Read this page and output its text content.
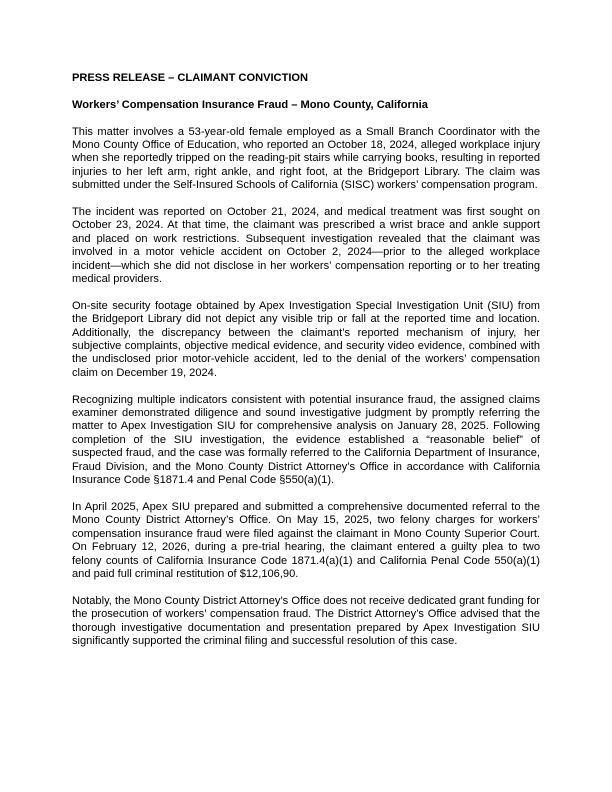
PRESS RELEASE – CLAIMANT CONVICTION
Workers’ Compensation Insurance Fraud – Mono County, California

This matter involves a 53-year-old female employed as a Small Branch Coordinator with the Mono County Office of Education, who reported an October 18, 2024, alleged workplace injury when she reportedly tripped on the reading-pit stairs while carrying books, resulting in reported injuries to her left arm, right ankle, and right foot, at the Bridgeport Library. The claim was submitted under the Self-Insured Schools of California (SISC) workers’ compensation program.

The incident was reported on October 21, 2024, and medical treatment was first sought on October 23, 2024. At that time, the claimant was prescribed a wrist brace and ankle support and placed on work restrictions. Subsequent investigation revealed that the claimant was involved in a motor vehicle accident on October 2, 2024—prior to the alleged workplace incident—which she did not disclose in her workers’ compensation reporting or to her treating medical providers.

On-site security footage obtained by Apex Investigation Special Investigation Unit (SIU) from the Bridgeport Library did not depict any visible trip or fall at the reported time and location. Additionally, the discrepancy between the claimant’s reported mechanism of injury, her subjective complaints, objective medical evidence, and security video evidence, combined with the undisclosed prior motor-vehicle accident, led to the denial of the workers’ compensation claim on December 19, 2024.

Recognizing multiple indicators consistent with potential insurance fraud, the assigned claims examiner demonstrated diligence and sound investigative judgment by promptly referring the matter to Apex Investigation SIU for comprehensive analysis on January 28, 2025. Following completion of the SIU investigation, the evidence established a “reasonable belief” of suspected fraud, and the case was formally referred to the California Department of Insurance, Fraud Division, and the Mono County District Attorney’s Office in accordance with California Insurance Code §1871.4 and Penal Code §550(a)(1).

In April 2025, Apex SIU prepared and submitted a comprehensive documented referral to the Mono County District Attorney’s Office. On May 15, 2025, two felony charges for workers’ compensation insurance fraud were filed against the claimant in Mono County Superior Court. On February 12, 2026, during a pre-trial hearing, the claimant entered a guilty plea to two felony counts of California Insurance Code 1871.4(a)(1) and California Penal Code 550(a)(1) and paid full criminal restitution of $12,106,90.

Notably, the Mono County District Attorney’s Office does not receive dedicated grant funding for the prosecution of workers’ compensation fraud. The District Attorney’s Office advised that the thorough investigative documentation and presentation prepared by Apex Investigation SIU significantly supported the criminal filing and successful resolution of this case.
